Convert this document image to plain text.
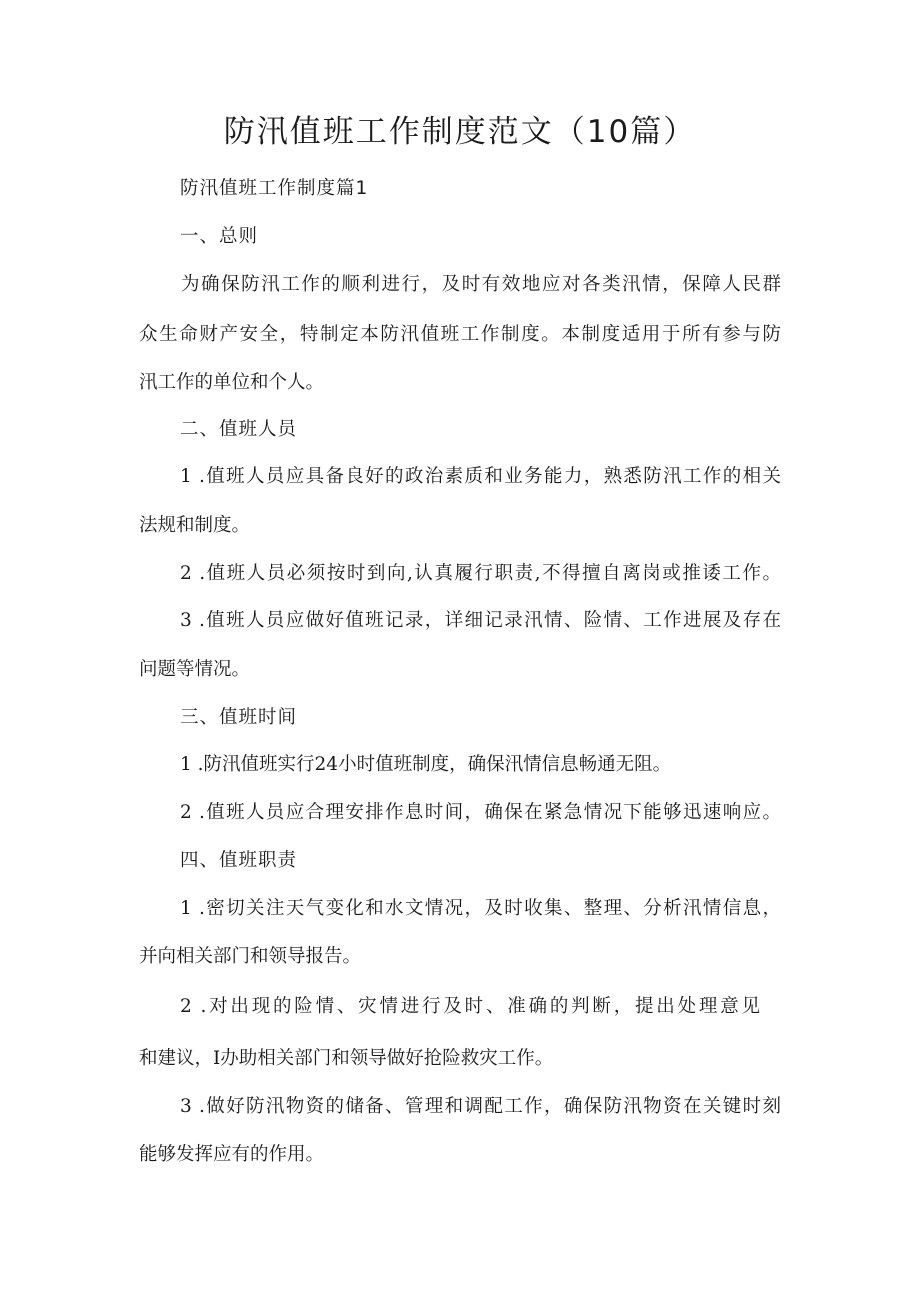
防汛值班工作制度范文（10篇）
防汛值班工作制度篇1
一、总则
为确保防汛工作的顺利进行，及时有效地应对各类汛情，保障人民群
众生命财产安全，特制定本防汛值班工作制度。本制度适用于所有参与防
汛工作的单位和个人。
二、值班人员
1 .值班人员应具备良好的政治素质和业务能力，熟悉防汛工作的相关
法规和制度。
2 .值班人员必须按时到向,认真履行职责,不得擅自离岗或推诿工作。
3 .值班人员应做好值班记录，详细记录汛情、险情、工作进展及存在
问题等情况。
三、值班时间
1 .防汛值班实行24小时值班制度，确保汛情信息畅通无阻。
2 .值班人员应合理安排作息时间，确保在紧急情况下能够迅速响应。
四、值班职责
1 .密切关注天气变化和水文情况，及时收集、整理、分析汛情信息，
并向相关部门和领导报告。
2 .对出现的险情、灾情进行及时、准确的判断，提出处理意见
和建议，I办助相关部门和领导做好抢险救灾工作。
3 .做好防汛物资的储备、管理和调配工作，确保防汛物资在关键时刻
能够发挥应有的作用。
